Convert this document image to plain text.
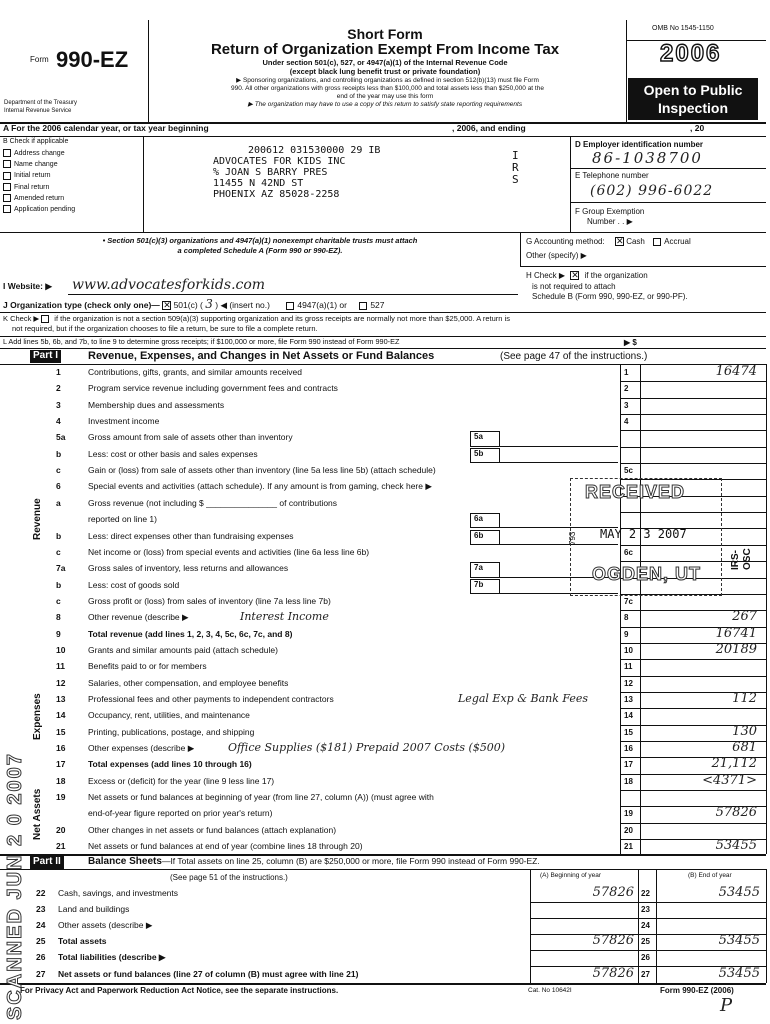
Form 990-EZ
Department of the Treasury
Internal Revenue Service
Short Form
Return of Organization Exempt From Income Tax
Under section 501(c), 527, or 4947(a)(1) of the Internal Revenue Code
(except black lung benefit trust or private foundation)
▶ Sponsoring organizations, and controlling organizations as defined in section 512(b)(13) must file Form
990. All other organizations with gross receipts less than $100,000 and total assets less than $250,000 at the
end of the year may use this form
▶ The organization may have to use a copy of this return to satisfy state reporting requirements
OMB No 1545-1150
2006
Open to Public
Inspection
A For the 2006 calendar year, or tax year beginning	, 2006, and ending	, 20
B Check if applicable
Address change
Name change
Initial return
Final return
Amended return
Application pending
200612 031530000 29 IB
ADVOCATES FOR KIDS INC
% JOAN S BARRY PRES
11455 N 42ND ST
PHOENIX AZ 85028-2258
I
R
S
D Employer identification number
86-1038700
E Telephone number
(602) 996-6022
F Group Exemption
Number . . ▶
• Section 501(c)(3) organizations and 4947(a)(1) nonexempt charitable trusts must attach
a completed Schedule A (Form 990 or 990-EZ).
G Accounting method: ✕	Cash Accrual
Other (specify) ▶
H Check ▶ ✕ if the organization
is not required to attach
Schedule B (Form 990, 990-EZ, or 990-PF).
I Website: ▶ www.advocatesforkids.com
J Organization type (check only one)— ✕ 501(c) ( 3 ) ◀ (insert no.)	4947(a)(1) or	527
K Check ▶ if the organization is not a section 509(a)(3) supporting organization and its gross receipts are normally not more than $25,000. A return is
not required, but if the organization chooses to file a return, be sure to file a complete return.
L Add lines 5b, 6b, and 7b, to line 9 to determine gross receipts; if $100,000 or more, file Form 990 instead of Form 990-EZ	▶ $
Part I	Revenue, Expenses, and Changes in Net Assets or Fund Balances	(See page 47 of the instructions.)
Revenue
Expenses
Net Assets
1	Contributions, gifts, grants, and similar amounts received	1	16474
2	Program service revenue including government fees and contracts	2
3	Membership dues and assessments	3
4	Investment income	4
5a	Gross amount from sale of assets other than inventory	5a
b	Less: cost or other basis and sales expenses	5b
c	Gain or (loss) from sale of assets other than inventory (line 5a less line 5b) (attach schedule)	5c
6	Special events and activities (attach schedule). If any amount is from gaming, check here ▶
a	Gross revenue (not including $ _______________ of contributions
reported on line 1)	6a
b	Less: direct expenses other than fundraising expenses	6b
c	Net income or (loss) from special events and activities (line 6a less line 6b)	6c
7a	Gross sales of inventory, less returns and allowances	7a
b	Less: cost of goods sold	7b
c	Gross profit or (loss) from sales of inventory (line 7a less line 7b)	7c
8	Other revenue (describe ▶	Interest Income	8	267
9	Total revenue (add lines 1, 2, 3, 4, 5c, 6c, 7c, and 8)	9	16741
10	Grants and similar amounts paid (attach schedule)	10	20189
11	Benefits paid to or for members	11
12	Salaries, other compensation, and employee benefits	12
13	Professional fees and other payments to independent contractors	Legal Exp & Bank Fees	13	112
14	Occupancy, rent, utilities, and maintenance	14
15	Printing, publications, postage, and shipping	15	130
16	Other expenses (describe ▶	Office Supplies ($181) Prepaid 2007 Costs ($500)	16	681
17	Total expenses (add lines 10 through 16)	17	21,112
18	Excess or (deficit) for the year (line 9 less line 17)	18	<4371>
19	Net assets or fund balances at beginning of year (from line 27, column (A)) (must agree with
end-of-year figure reported on prior year's return)	19	57826
20	Other changes in net assets or fund balances (attach explanation)	20
21	Net assets or fund balances at end of year (combine lines 18 through 20)	21	53455
Part II	Balance Sheets—If Total assets on line 25, column (B) are $250,000 or more, file Form 990 instead of Form 990-EZ.
(See page 51 of the instructions.)	(A) Beginning of year	(B) End of year
22 Cash, savings, and investments	57826 22	53455
23 Land and buildings	23
24 Other assets (describe ▶	24
25 Total assets	57826 25	53455
26 Total liabilities (describe ▶	26
27 Net assets or fund balances (line 27 of column (B) must agree with line 21)	57826 27	53455
For Privacy Act and Paperwork Reduction Act Notice, see the separate instructions.	Cat. No 10642I	Form 990-EZ (2006)
P
RECEIVED
MAY 2 3 2007
OGDEN, UT
IRS-OSC
793
SCANNED JUN 2 0 2007
